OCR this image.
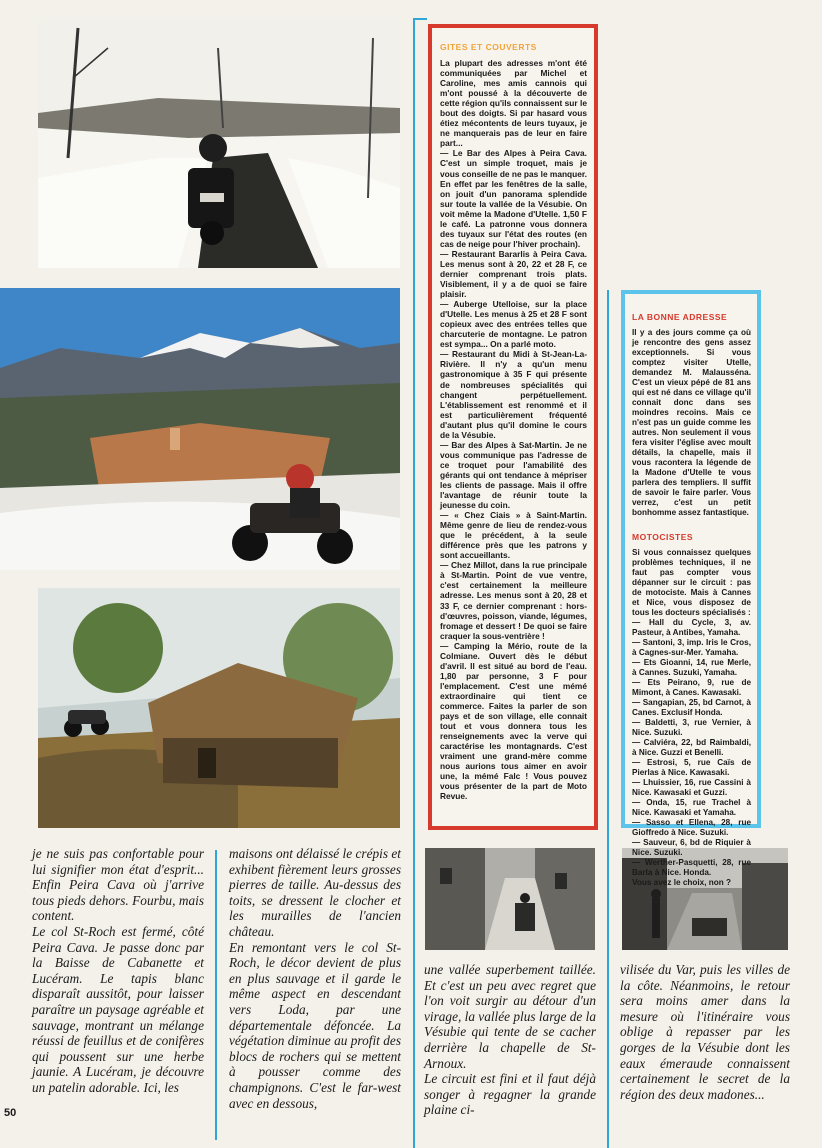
GITES ET COUVERTS
La plupart des adresses m'ont été communiquées par Michel et Caroline, mes amis cannois qui m'ont poussé à la découverte de cette région qu'ils connaissent sur le bout des doigts. Si par hasard vous étiez mécontents de leurs tuyaux, je ne manquerais pas de leur en faire part...
— Le Bar des Alpes à Peira Cava. C'est un simple troquet, mais je vous conseille de ne pas le manquer. En effet par les fenêtres de la salle, on jouit d'un panorama splendide sur toute la vallée de la Vésubie. On voit même la Madone d'Utelle. 1,50 F le café. La patronne vous donnera des tuyaux sur l'état des routes (en cas de neige pour l'hiver prochain).
— Restaurant Bararlis à Peira Cava. Les menus sont à 20, 22 et 28 F, ce dernier comprenant trois plats. Visiblement, il y a de quoi se faire plaisir.
— Auberge Utelloise, sur la place d'Utelle. Les menus à 25 et 28 F sont copieux avec des entrées telles que charcuterie de montagne. Le patron est sympa... On a parlé moto.
— Restaurant du Midi à St-Jean-La-Rivière. Il n'y a qu'un menu gastronomique à 35 F qui présente de nombreuses spécialités qui changent perpétuellement. L'établissement est renommé et il est particulièrement fréquenté d'autant plus qu'il domine le cours de la Vésubie.
— Bar des Alpes à Sat-Martin. Je ne vous communique pas l'adresse de ce troquet pour l'amabilité des gérants qui ont tendance à mépriser les clients de passage. Mais il offre l'avantage de réunir toute la jeunesse du coin.
— « Chez Ciais » à Saint-Martin. Même genre de lieu de rendez-vous que le précédent, à la seule différence près que les patrons y sont accueillants.
— Chez Millot, dans la rue principale à St-Martin. Point de vue ventre, c'est certainement la meilleure adresse. Les menus sont à 20, 28 et 33 F, ce dernier comprenant : hors-d'œuvres, poisson, viande, légumes, fromage et dessert ! De quoi se faire craquer la sous-ventrière !
— Camping la Mério, route de la Colmiane. Ouvert dès le début d'avril. Il est situé au bord de l'eau. 1,80 par personne, 3 F pour l'emplacement. C'est une mémé extraordinaire qui tient ce commerce. Faites la parler de son pays et de son village, elle connait tout et vous donnera tous les renseignements avec la verve qui caractérise les montagnards. C'est vraiment une grand-mère comme nous aurions tous aimer en avoir une, la mémé Falc ! Vous pouvez vous présenter de la part de Moto Revue.
LA BONNE ADRESSE
Il y a des jours comme ça où je rencontre des gens assez exceptionnels. Si vous comptez visiter Utelle, demandez M. Malausséna. C'est un vieux pépé de 81 ans qui est né dans ce village qu'il connait donc dans ses moindres recoins. Mais ce n'est pas un guide comme les autres. Non seulement il vous fera visiter l'église avec moult détails, la chapelle, mais il vous racontera la légende de la Madone d'Utelle te vous parlera des templiers. Il suffit de savoir le faire parler. Vous verrez, c'est un petit bonhomme assez fantastique.
MOTOCISTES
Si vous connaissez quelques problèmes techniques, il ne faut pas compter vous dépanner sur le circuit : pas de motociste. Mais à Cannes et Nice, vous disposez de tous les docteurs spécialisés :
— Hall du Cycle, 3, av. Pasteur, à Antibes, Yamaha.
— Santoni, 3, imp. Iris le Cros, à Cagnes-sur-Mer. Yamaha.
— Ets Gioanni, 14, rue Merle, à Cannes. Suzuki, Yamaha.
— Ets Peirano, 9, rue de Mimont, à Canes. Kawasaki.
— Sangapian, 25, bd Carnot, à Canes. Exclusif Honda.
— Baldetti, 3, rue Vernier, à Nice. Suzuki.
— Calviéra, 22, bd Raimbaldi, à Nice. Guzzi et Benelli.
— Estrosi, 5, rue Caïs de Pierlas à Nice. Kawasaki.
— Lhuissier, 16, rue Cassini à Nice. Kawasaki et Guzzi.
— Onda, 15, rue Trachel à Nice. Kawasaki et Yamaha.
— Sasso et Ellena, 28, rue Gioffredo à Nice. Suzuki.
— Sauveur, 6, bd de Riquier à Nice. Suzuki.
— Werther-Pasquetti, 28, rue Barla à Nice. Honda.
Vous avez le choix, non ?

je ne suis pas confortable pour lui signifier mon état d'esprit... Enfin Peira Cava où j'arrive tous pieds dehors. Fourbu, mais content.
Le col St-Roch est fermé, côté Peira Cava. Je passe donc par la Baisse de Cabanette et Lucéram. Le tapis blanc disparaît aussitôt, pour laisser paraître un paysage agréable et sauvage, montrant un mélange réussi de feuillus et de conifères qui poussent sur une herbe jaunie. A Lucéram, je découvre un patelin adorable. Ici, les

maisons ont délaissé le crépis et exhibent fièrement leurs grosses pierres de taille. Au-dessus des toits, se dressent le clocher et les murailles de l'ancien château.
En remontant vers le col St-Roch, le décor devient de plus en plus sauvage et il garde le même aspect en descendant vers Loda, par une départementale défoncée. La végétation diminue au profit des blocs de rochers qui se mettent à pousser comme des champignons. C'est le far-west avec en dessous,

une vallée superbement taillée. Et c'est un peu avec regret que l'on voit surgir au détour d'un virage, la vallée plus large de la Vésubie qui tente de se cacher derrière la chapelle de St-Arnoux.
Le circuit est fini et il faut déjà songer à regagner la grande plaine ci-

vilisée du Var, puis les villes de la côte. Néanmoins, le retour sera moins amer dans la mesure où l'itinéraire vous oblige à repasser par les gorges de la Vésubie dont les eaux émeraude connaissent certainement le secret de la région des deux madones...

50
